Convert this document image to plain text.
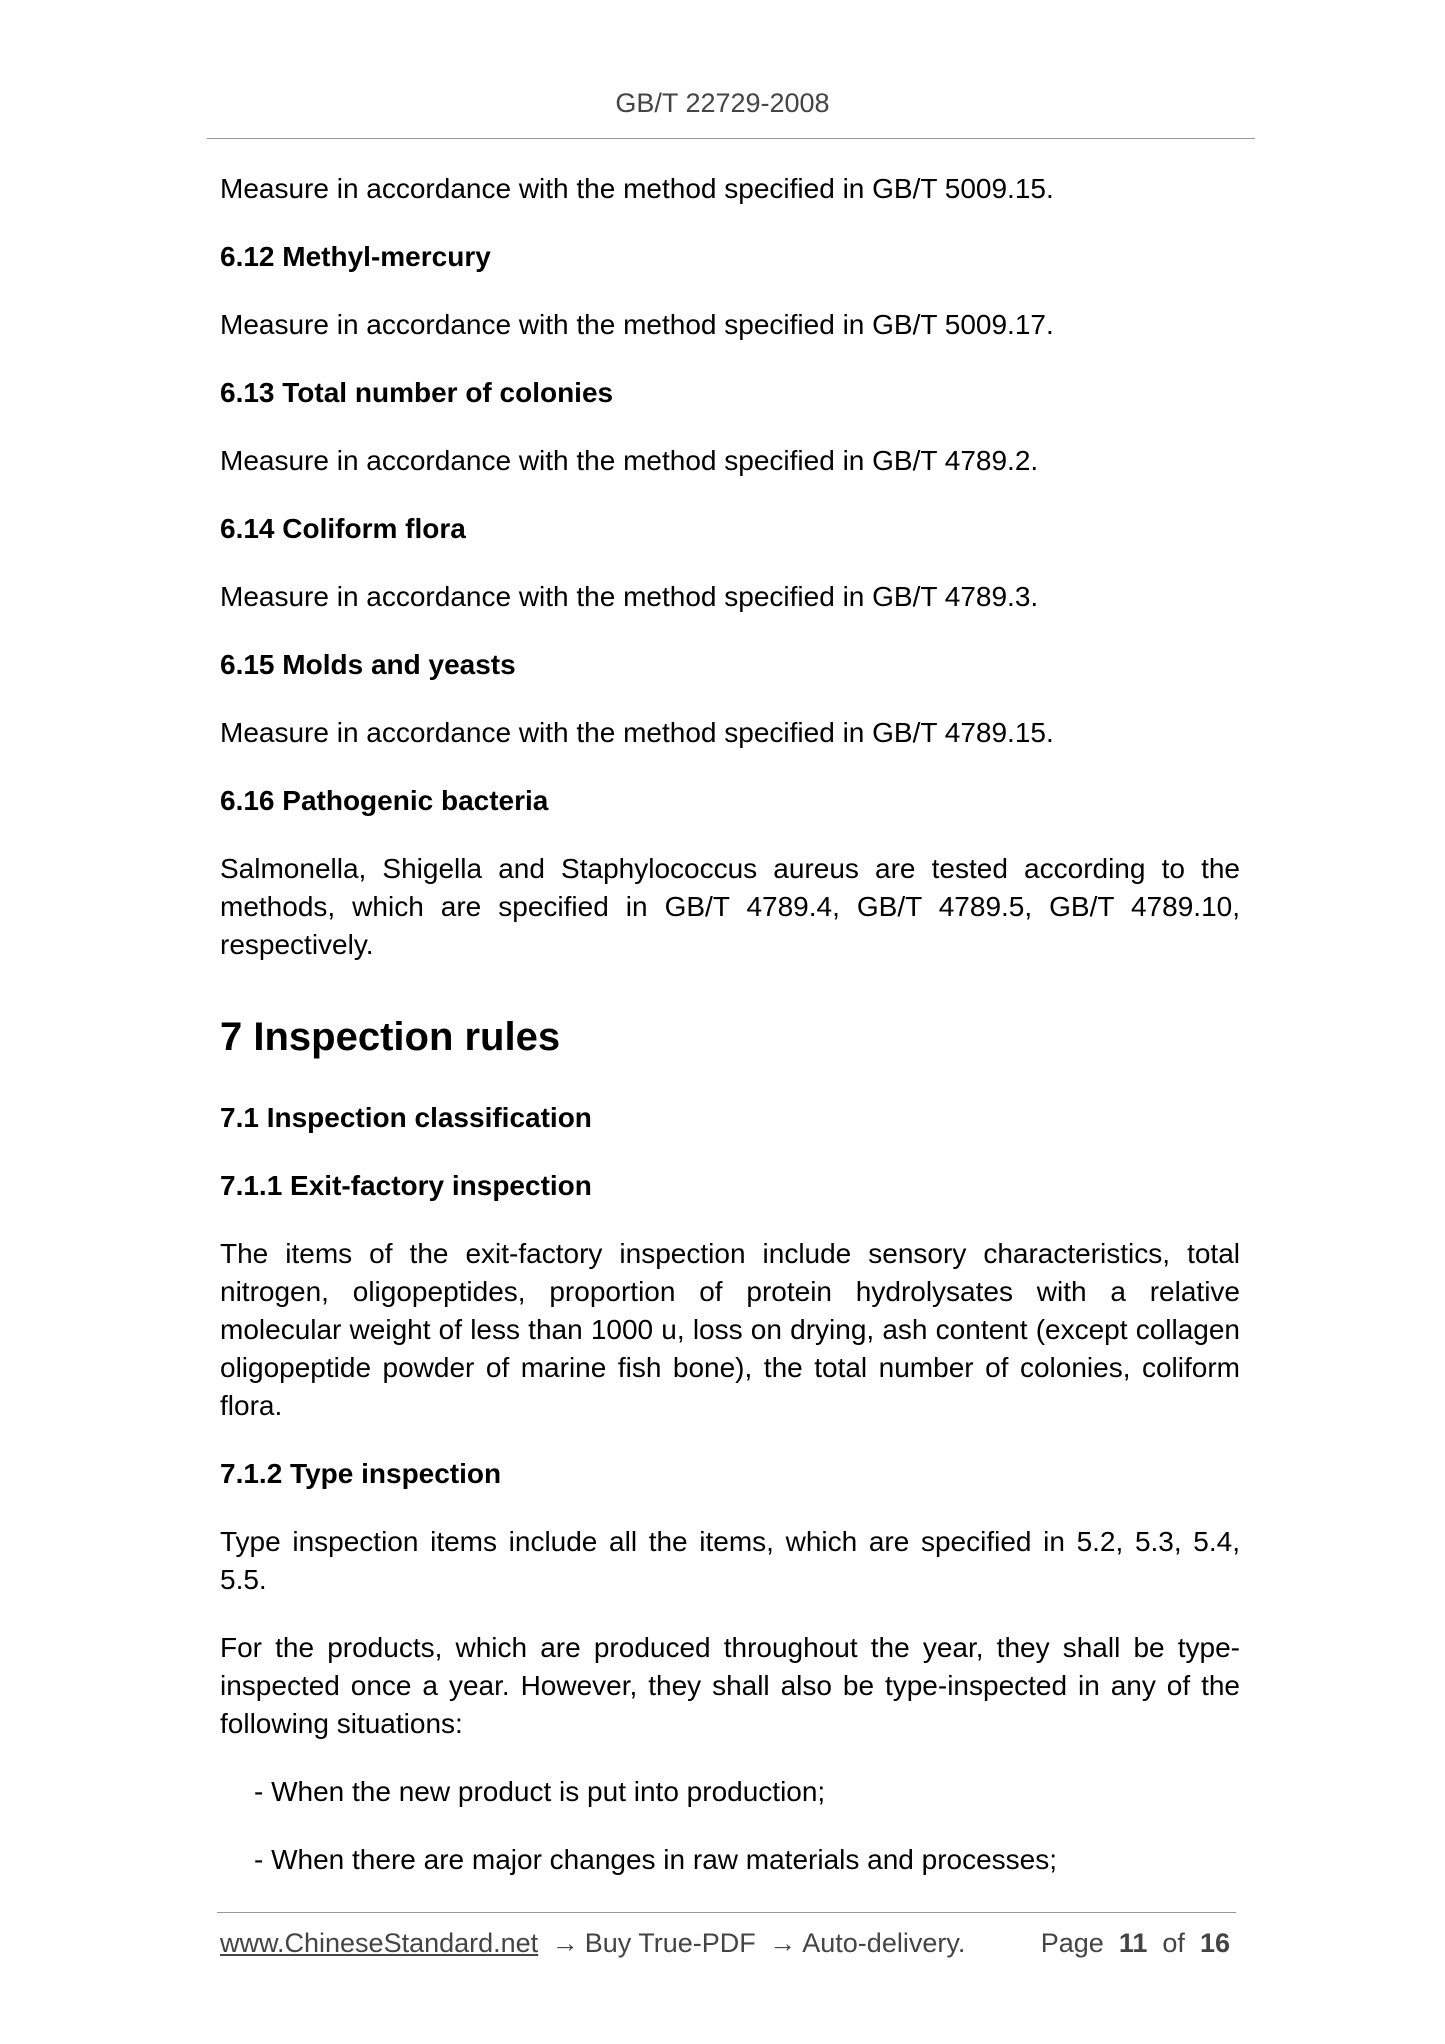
GB/T 22729-2008

Measure in accordance with the method specified in GB/T 5009.15.

6.12 Methyl-mercury

Measure in accordance with the method specified in GB/T 5009.17.

6.13 Total number of colonies

Measure in accordance with the method specified in GB/T 4789.2.

6.14 Coliform flora

Measure in accordance with the method specified in GB/T 4789.3.

6.15 Molds and yeasts

Measure in accordance with the method specified in GB/T 4789.15.

6.16 Pathogenic bacteria

Salmonella, Shigella and Staphylococcus aureus are tested according to the methods, which are specified in GB/T 4789.4, GB/T 4789.5, GB/T 4789.10, respectively.

7 Inspection rules

7.1 Inspection classification

7.1.1 Exit-factory inspection

The items of the exit-factory inspection include sensory characteristics, total nitrogen, oligopeptides, proportion of protein hydrolysates with a relative molecular weight of less than 1000 u, loss on drying, ash content (except collagen oligopeptide powder of marine fish bone), the total number of colonies, coliform flora.

7.1.2 Type inspection

Type inspection items include all the items, which are specified in 5.2, 5.3, 5.4, 5.5.

For the products, which are produced throughout the year, they shall be type-inspected once a year. However, they shall also be type-inspected in any of the following situations:

- When the new product is put into production;

- When there are major changes in raw materials and processes;

www.ChineseStandard.net → Buy True-PDF → Auto-delivery.	Page 11 of 16
